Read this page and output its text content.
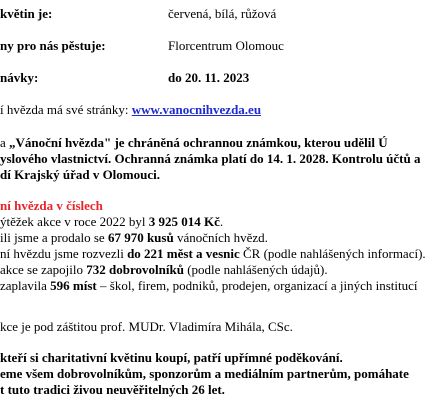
květin je:	červená, bílá, růžová
ny pro nás pěstuje:	Florcentrum Olomouc
návky:	do 20. 11. 2023
í hvězda má své stránky: www.vanocnihvezda.eu
a „Vánoční hvězda" je chráněná ochrannou známkou, kterou udělil Ú
yslového vlastnictví. Ochranná známka platí do 14. 1. 2028. Kontrolu účtů a
dí Krajský úřad v Olomouci.
ní hvězda v číslech
ýtěžek akce v roce 2022 byl 3 925 014 Kč.
ili jsme a prodalo se 67 970 kusů vánočních hvězd.
ní hvězdu jsme rozvezli do 221 měst a vesnic ČR (podle nahlášených informací).
akce se zapojilo 732 dobrovolníků (podle nahlášených údajů).
zaplavila 596 míst – škol, firem, podniků, prodejen, organizací a jiných institucí
kce je pod záštitou prof. MUDr. Vladimíra Mihála, CSc.
kteří si charitativní květinu koupí, patří upřímné poděkování.
eme všem dobrovolníkům, sponzorům a mediálním partnerům, pomáhate
t tuto tradici živou neuvěřitelných 26 let.
